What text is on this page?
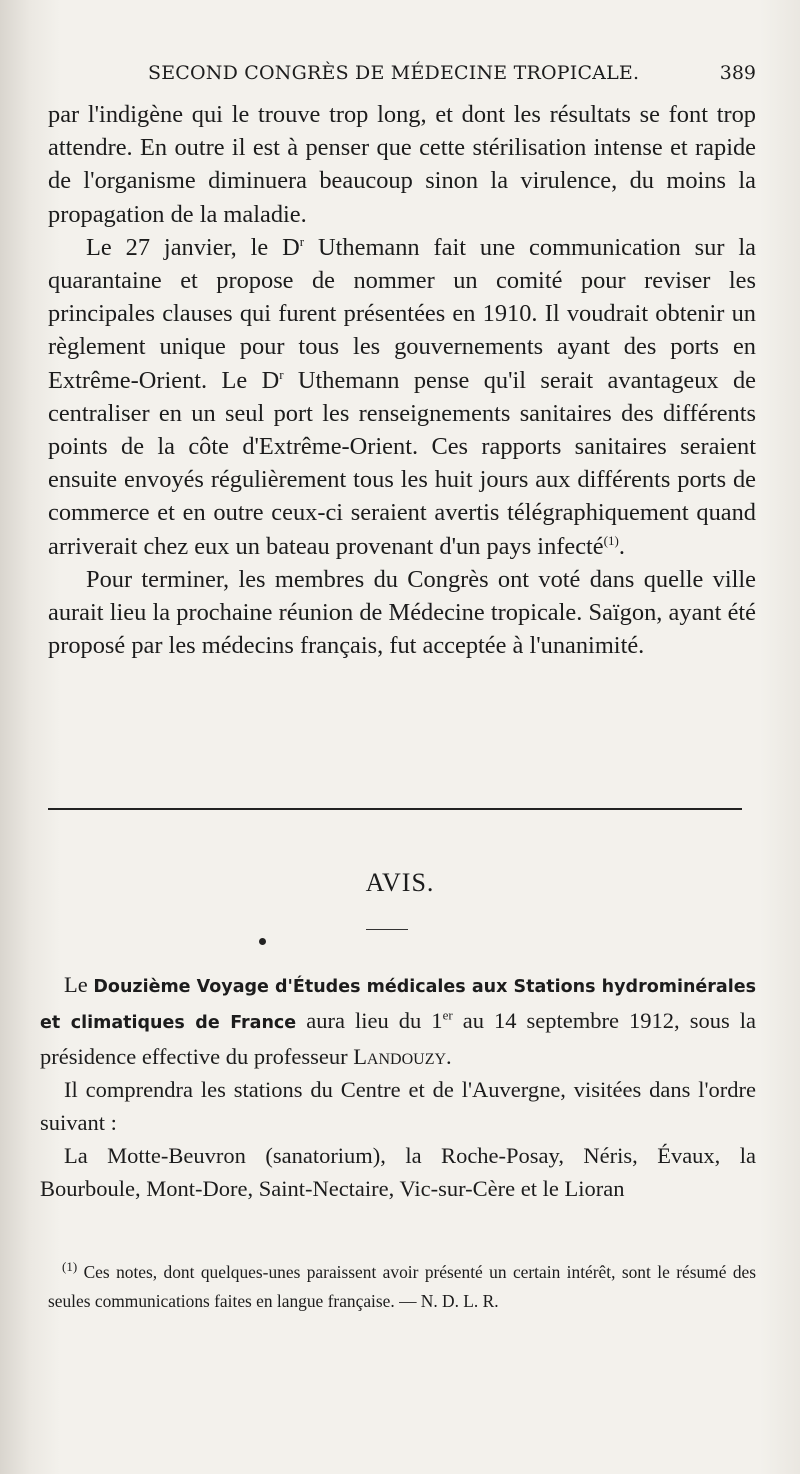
SECOND CONGRÈS DE MÉDECINE TROPICALE.	389

par l'indigène qui le trouve trop long, et dont les résultats se font trop attendre. En outre il est à penser que cette stérilisation intense et rapide de l'organisme diminuera beaucoup sinon la virulence, du moins la propagation de la maladie.

Le 27 janvier, le $D^r$ Uthemann fait une communication sur la quarantaine et propose de nommer un comité pour reviser les principales clauses qui furent présentées en 1910. Il voudrait obtenir un règlement unique pour tous les gouvernements ayant des ports en Extrême-Orient. Le $D^r$ Uthemann pense qu'il serait avantageux de centraliser en un seul port les renseignements sanitaires des différents points de la côte d'Extrême-Orient. Ces rapports sanitaires seraient ensuite envoyés régulièrement tous les huit jours aux différents ports de commerce et en outre ceux-ci seraient avertis télégraphiquement quand arriverait chez eux un bateau provenant d'un pays infecté$^{(1)}$.

Pour terminer, les membres du Congrès ont voté dans quelle ville aurait lieu la prochaine réunion de Médecine tropicale. Saïgon, ayant été proposé par les médecins français, fut acceptée à l'unanimité.

AVIS.

Le Douzième Voyage d'Études médicales aux Stations hydrominérales et climatiques de France aura lieu du 1er au 14 septembre 1912, sous la présidence effective du professeur Landouzy.

Il comprendra les stations du Centre et de l'Auvergne, visitées dans l'ordre suivant :

La Motte-Beuvron (sanatorium), la Roche-Posay, Néris, Évaux, la Bourboule, Mont-Dore, Saint-Nectaire, Vic-sur-Cère et le Lioran

$^{(1)}$ Ces notes, dont quelques-unes paraissent avoir présenté un certain intérêt, sont le résumé des seules communications faites en langue française. — N. D. L. R.
